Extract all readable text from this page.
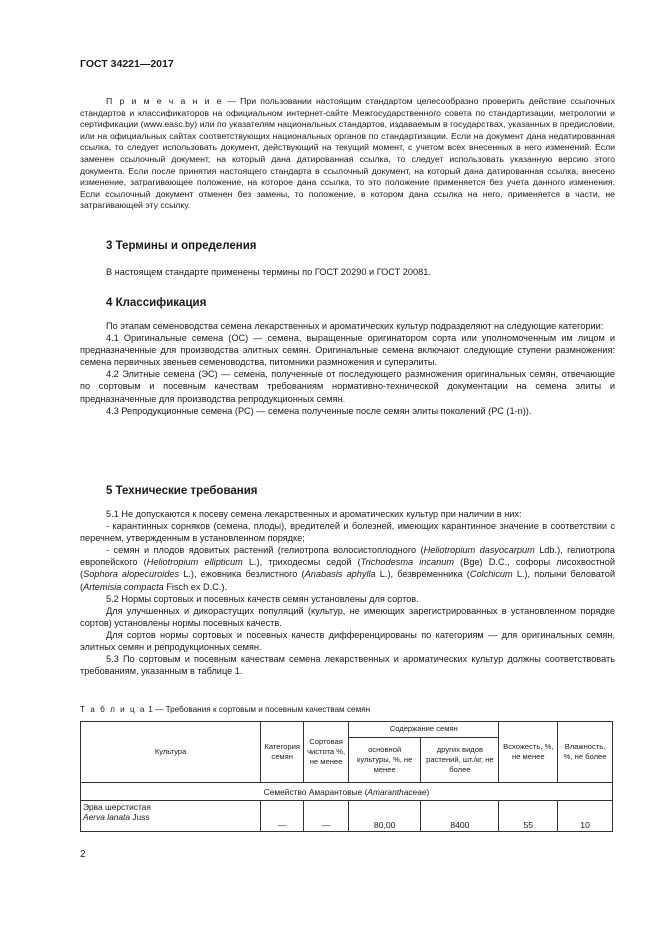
ГОСТ 34221—2017

П р и м е ч а н и е — При пользовании настоящим стандартом целесообразно проверить действие ссылочных стандартов и классификаторов на официальном интернет-сайте Межгосударственного совета по стандартизации, метрологии и сертификации (www.easc.by) или по указателям национальных стандартов, издаваемым в государствах, указанных в предисловии, или на официальных сайтах соответствующих национальных органов по стандартизации. Если на документ дана недатированная ссылка, то следует использовать документ, действующий на текущий момент, с учетом всех внесенных в него изменений. Если заменен ссылочный документ, на который дана датированная ссылка, то следует использовать указанную версию этого документа. Если после принятия настоящего стандарта в ссылочный документ, на который дана датированная ссылка, внесено изменение, затрагивающее положение, на которое дана ссылка, то это положение применяется без учета данного изменения. Если ссылочный документ отменен без замены, то положение, в котором дана ссылка на него, применяется в части, не затрагивающей эту ссылку.

3 Термины и определения

В настоящем стандарте применены термины по ГОСТ 20290 и ГОСТ 20081.

4 Классификация

По этапам семеноводства семена лекарственных и ароматических культур подразделяют на следующие категории:

4.1 Оригинальные семена (ОС) — семена, выращенные оригинатором сорта или уполномоченным им лицом и предназначенные для производства элитных семян. Оригинальные семена включают следующие ступени размножения: семена первичных звеньев семеноводства, питомники размножения и суперэлиты.

4.2 Элитные семена (ЭС) — семена, полученные от последующего размножения оригинальных семян, отвечающие по сортовым и посевным качествам требованиям нормативно-технической документации на семена элиты и предназначенные для производства репродукционных семян.

4.3 Репродукционные семена (РС) — семена полученные после семян элиты поколений (РС (1-n)).

5 Технические требования

5.1 Не допускаются к посеву семена лекарственных и ароматических культур при наличии в них:

- карантинных сорняков (семена, плоды), вредителей и болезней, имеющих карантинное значение в соответствии с перечнем, утвержденным в установленном порядке;

- семян и плодов ядовитых растений (гелиотропа волосистоплодного (Heliotropium dasyocarpum Ldb.), гелиотропа европейского (Heliotropium ellipticum L.), триходесмы седой (Trichodesma incanum (Bge) D.C., софоры лисохвостной (Sophora alopecuroides L.), ежовника безлистного (Anabasis aphylla L.), безвременника (Colchicum L.), полыни беловатой (Artemisia compacta Fisch ex D.C.).

5.2 Нормы сортовых и посевных качеств семян установлены для сортов.

Для улучшенных и дикорастущих популяций (культур, не имеющих зарегистрированных в установленном порядке сортов) установлены нормы посевных качеств.

Для сортов нормы сортовых и посевных качеств дифференцированы по категориям — для оригинальных семян, элитных семян и репродукционных семян.

5.3 По сортовым и посевным качествам семена лекарственных и ароматических культур должны соответствовать требованиям, указанным в таблице 1.

Т а б л и ц а 1 — Требования к сортовым и посевным качествам семян
Культура	Категория семян	Сортовая чистота %, не менее	Содержание семян		Всхожесть, %, не менее	Влажность, %, не более
			основной культуры, %, не менее	других видов растений, шт./кг, не более		
Семейство Амарантовые (Amaranthaceae)						
Эрва шерстистая
Aerva lanata Juss	—	—	80,00	8400	55	10
2
